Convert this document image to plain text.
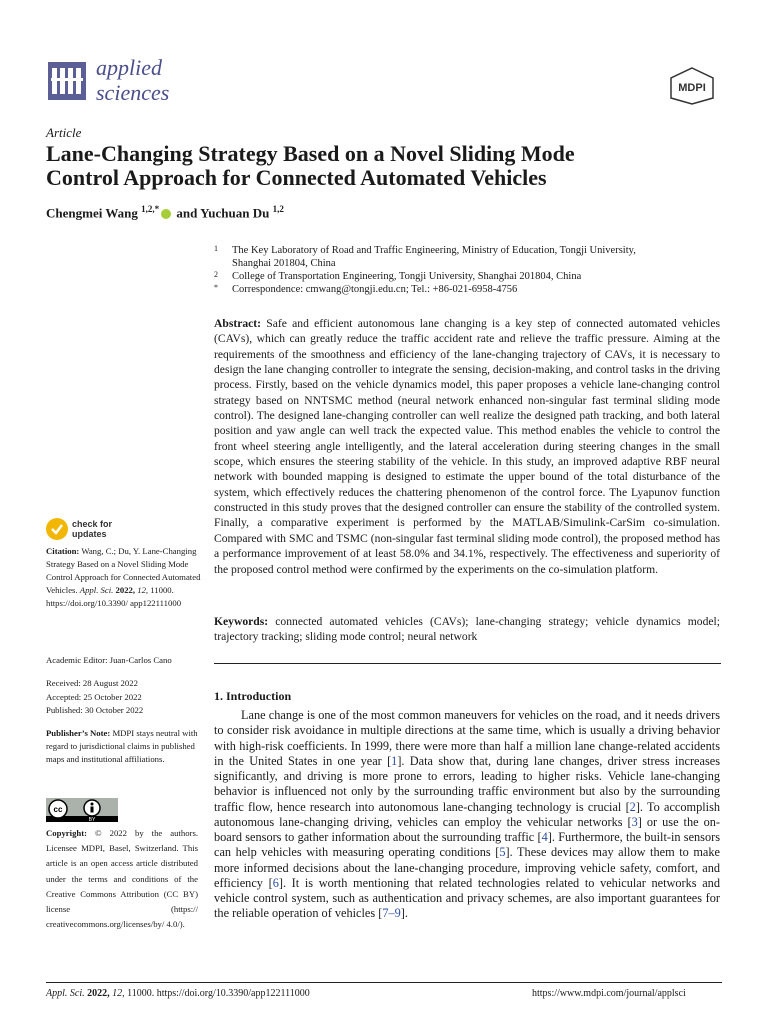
applied
sciences	MDPI
Article
Lane-Changing Strategy Based on a Novel Sliding Mode
Control Approach for Connected Automated Vehicles
Chengmei Wang $^{1,2,*}$ and Yuchuan Du $^{1,2}$
1 The Key Laboratory of Road and Traffic Engineering, Ministry of Education, Tongji University,
Shanghai 201804, China
2 College of Transportation Engineering, Tongji University, Shanghai 201804, China
* Correspondence: cmwang@tongji.edu.cn; Tel.: +86-021-6958-4756
Abstract: Safe and efficient autonomous lane changing is a key step of connected automated vehicles (CAVs), which can greatly reduce the traffic accident rate and relieve the traffic pressure. Aiming at the requirements of the smoothness and efficiency of the lane-changing trajectory of CAVs, it is necessary to design the lane changing controller to integrate the sensing, decision-making, and control tasks in the driving process. Firstly, based on the vehicle dynamics model, this paper proposes a vehicle lane-changing control strategy based on NNTSMC method (neural network enhanced non-singular fast terminal sliding mode control). The designed lane-changing controller can well realize the designed path tracking, and both lateral position and yaw angle can well track the expected value. This method enables the vehicle to control the front wheel steering angle intelligently, and the lateral acceleration during steering changes in the small scope, which ensures the steering stability of the vehicle. In this study, an improved adaptive RBF neural network with bounded mapping is designed to estimate the upper bound of the total disturbance of the system, which effectively reduces the chattering phenomenon of the control force. The Lyapunov function constructed in this study proves that the designed controller can ensure the stability of the controlled system. Finally, a comparative experiment is performed by the MATLAB/Simulink-CarSim co-simulation. Compared with SMC and TSMC (non-singular fast terminal sliding mode control), the proposed method has a performance improvement of at least 58.0% and 34.1%, respectively. The effectiveness and superiority of the proposed control method were confirmed by the experiments on the co-simulation platform.
Keywords: connected automated vehicles (CAVs); lane-changing strategy; vehicle dynamics model; trajectory tracking; sliding mode control; neural network
1. Introduction
Lane change is one of the most common maneuvers for vehicles on the road, and it needs drivers to consider risk avoidance in multiple directions at the same time, which is usually a driving behavior with high-risk coefficients. In 1999, there were more than half a million lane change-related accidents in the United States in one year [1]. Data show that, during lane changes, driver stress increases significantly, and driving is more prone to errors, leading to higher risks. Vehicle lane-changing behavior is influenced not only by the surrounding traffic environment but also by the surrounding traffic flow, hence research into autonomous lane-changing technology is crucial [2]. To accomplish autonomous lane-changing driving, vehicles can employ the vehicular networks [3] or use the on-board sensors to gather information about the surrounding traffic [4]. Furthermore, the built-in sensors can help vehicles with measuring operating conditions [5]. These devices may allow them to make more informed decisions about the lane-changing procedure, improving vehicle safety, comfort, and efficiency [6]. It is worth mentioning that related technologies related to vehicular networks and vehicle control system, such as authentication and privacy schemes, are also important guarantees for the reliable operation of vehicles [7–9].
check for
updates
Citation: Wang, C.; Du, Y. Lane-Changing Strategy Based on a Novel Sliding Mode Control Approach for Connected Automated Vehicles. Appl. Sci. 2022, 12, 11000. https://doi.org/10.3390/ app122111000
Academic Editor: Juan-Carlos Cano
Received: 28 August 2022
Accepted: 25 October 2022
Published: 30 October 2022
Publisher’s Note: MDPI stays neutral with regard to jurisdictional claims in published maps and institutional affiliations.
cc
BY
Copyright: © 2022 by the authors. Licensee MDPI, Basel, Switzerland. This article is an open access article distributed under the terms and conditions of the Creative Commons Attribution (CC BY) license (https:// creativecommons.org/licenses/by/ 4.0/).
Appl. Sci. 2022, 12, 11000. https://doi.org/10.3390/app122111000	https://www.mdpi.com/journal/applsci
